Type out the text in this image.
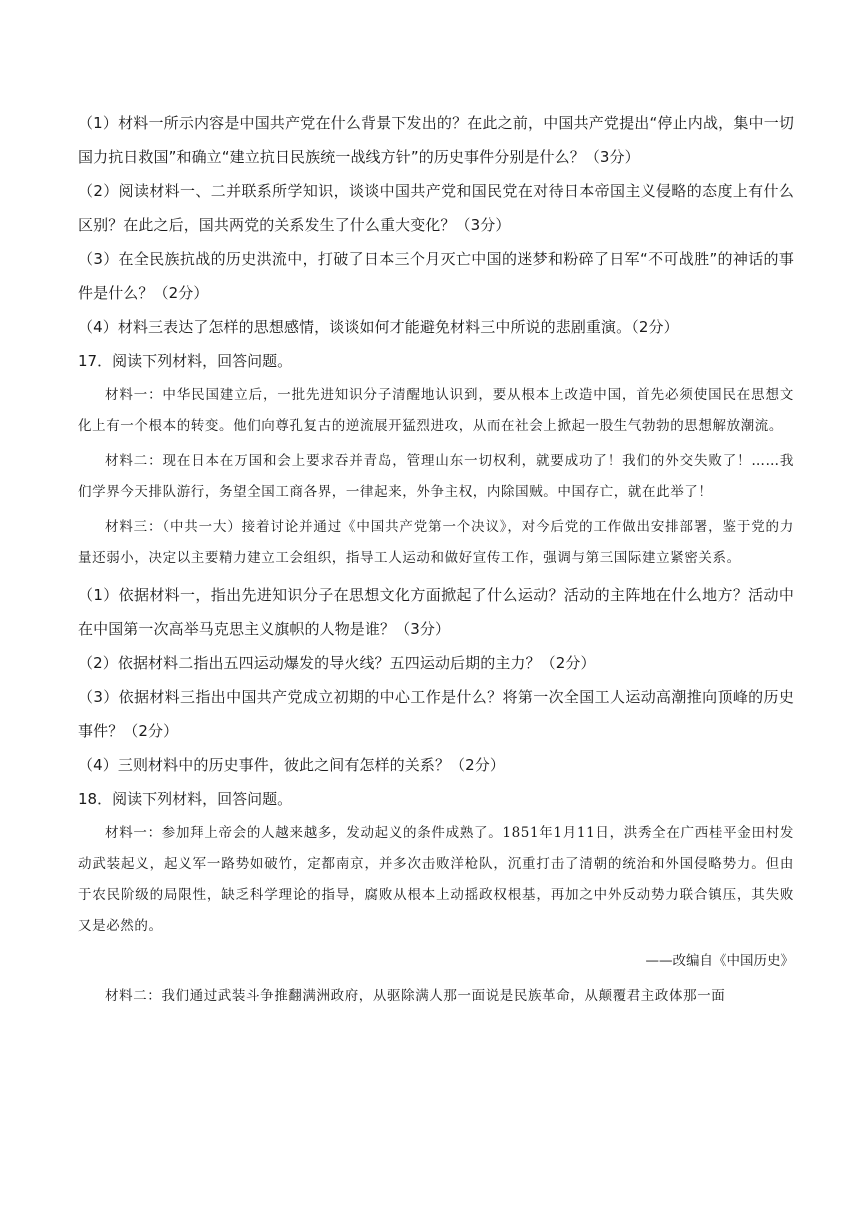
（1）材料一所示内容是中国共产党在什么背景下发出的？在此之前，中国共产党提出“停止内战，集中一切国力抗日救国”和确立“建立抗日民族统一战线方针”的历史事件分别是什么？（3分）

（2）阅读材料一、二并联系所学知识，谈谈中国共产党和国民党在对待日本帝国主义侵略的态度上有什么区别？在此之后，国共两党的关系发生了什么重大变化？（3分）

（3）在全民族抗战的历史洪流中，打破了日本三个月灭亡中国的迷梦和粉碎了日军“不可战胜”的神话的事件是什么？（2分）

（4）材料三表达了怎样的思想感情，谈谈如何才能避免材料三中所说的悲剧重演。（2分）

17．阅读下列材料，回答问题。

材料一：中华民国建立后，一批先进知识分子清醒地认识到，要从根本上改造中国，首先必须使国民在思想文化上有一个根本的转变。他们向尊孔复古的逆流展开猛烈进攻，从而在社会上掀起一股生气勃勃的思想解放潮流。

材料二：现在日本在万国和会上要求吞并青岛，管理山东一切权利，就要成功了！我们的外交失败了！……我们学界今天排队游行，务望全国工商各界，一律起来，外争主权，内除国贼。中国存亡，就在此举了！

材料三：（中共一大）接着讨论并通过《中国共产党第一个决议》，对今后党的工作做出安排部署，鉴于党的力量还弱小，决定以主要精力建立工会组织，指导工人运动和做好宣传工作，强调与第三国际建立紧密关系。

（1）依据材料一，指出先进知识分子在思想文化方面掀起了什么运动？活动的主阵地在什么地方？活动中在中国第一次高举马克思主义旗帜的人物是谁？（3分）

（2）依据材料二指出五四运动爆发的导火线？五四运动后期的主力？（2分）

（3）依据材料三指出中国共产党成立初期的中心工作是什么？将第一次全国工人运动高潮推向顶峰的历史事件？（2分）

（4）三则材料中的历史事件，彼此之间有怎样的关系？（2分）

18．阅读下列材料，回答问题。

材料一：参加拜上帝会的人越来越多，发动起义的条件成熟了。1851年1月11日，洪秀全在广西桂平金田村发动武装起义，起义军一路势如破竹，定都南京，并多次击败洋枪队，沉重打击了清朝的统治和外国侵略势力。但由于农民阶级的局限性，缺乏科学理论的指导，腐败从根本上动摇政权根基，再加之中外反动势力联合镇压，其失败又是必然的。

——改编自《中国历史》

材料二：我们通过武装斗争推翻满洲政府，从驱除满人那一面说是民族革命，从颠覆君主政体那一面
